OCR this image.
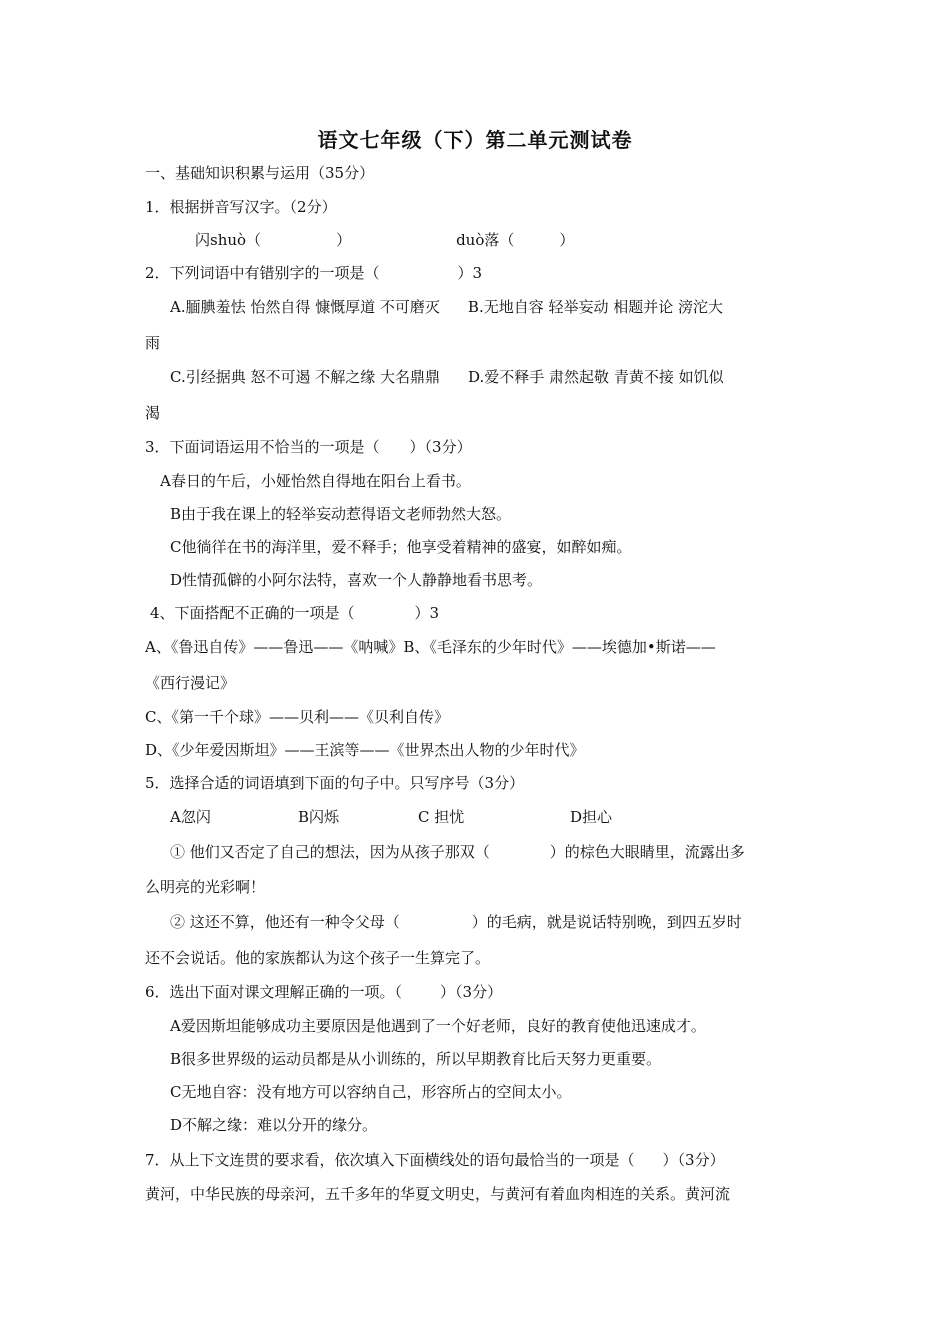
语文七年级（下）第二单元测试卷
一、基础知识积累与运用（35分）
1．根据拼音写汉字。（2分）
闪shuò（	）	duò落（	）
2．下列词语中有错别字的一项是（	）3
A.腼腆羞怯 怡然自得 慷慨厚道 不可磨灭 B.无地自容 轻举妄动 相题并论 滂沱大
雨
C.引经据典 怒不可遏 不解之缘 大名鼎鼎 D.爱不释手 肃然起敬 青黄不接 如饥似
渴
3．下面词语运用不恰当的一项是（ ）（3分）
A春日的午后，小娅怡然自得地在阳台上看书。
B由于我在课上的轻举妄动惹得语文老师勃然大怒。
C他徜徉在书的海洋里，爱不释手；他享受着精神的盛宴，如醉如痴。
D性情孤僻的小阿尔法特，喜欢一个人静静地看书思考。
4、下面搭配不正确的一项是（	）3
A、《鲁迅自传》——鲁迅——《呐喊》B、《毛泽东的少年时代》——埃德加•斯诺——
《西行漫记》
C、《第一千个球》——贝利——《贝利自传》
D、《少年爱因斯坦》——王滨等——《世界杰出人物的少年时代》
5．选择合适的词语填到下面的句子中。只写序号（3分）
A忽闪	B闪烁	C 担忧	D担心
① 他们又否定了自己的想法，因为从孩子那双（	）的棕色大眼睛里，流露出多
么明亮的光彩啊！
② 这还不算，他还有一种令父母（	）的毛病，就是说话特别晚，到四五岁时
还不会说话。他的家族都认为这个孩子一生算完了。
6．选出下面对课文理解正确的一项。（	）（3分）
A爱因斯坦能够成功主要原因是他遇到了一个好老师，良好的教育使他迅速成才。
B很多世界级的运动员都是从小训练的，所以早期教育比后天努力更重要。
C无地自容：没有地方可以容纳自己，形容所占的空间太小。
D不解之缘：难以分开的缘分。
7．从上下文连贯的要求看，依次填入下面横线处的语句最恰当的一项是（ ）（3分）
黄河，中华民族的母亲河，五千多年的华夏文明史，与黄河有着血肉相连的关系。黄河流
